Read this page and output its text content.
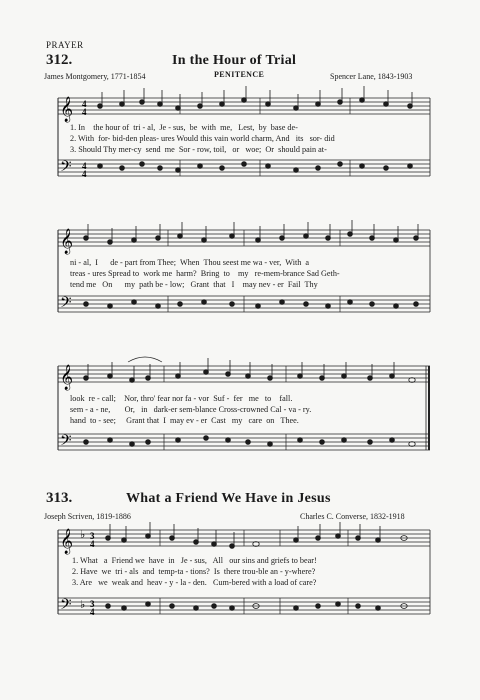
PRAYER
312.	In the Hour of Trial
James Montgomery, 1771-1854	PENITENCE	Spencer Lane, 1843-1903
𝄞
𝄢
4
4
4
4
𝄞
𝄢
𝄞
𝄢
𝄞 ♭
𝄢 ♭
3
4
3
4
1. In    the hour of  tri - al,  Je - sus,  be  with  me,   Lest,  by  base de-
2. With  for- bid-den pleas- ures Would this vain world charm, And   its   sor- did
3. Should Thy mer-cy  send  me  Sor - row, toil,   or   woe;  Or  should pain at-
ni - al,  I      de - part from Thee;  When  Thou seest me wa - ver,  With  a
treas - ures Spread to  work me  harm?  Bring  to    my   re-mem-brance Sad Geth-
tend me   On      my  path be - low;   Grant  that   I    may nev - er  Fail  Thy
look  re - call;    Nor, thro' fear nor fa - vor  Suf -  fer   me   to    fall.
sem - a - ne,       Or,   in   dark-er sem-blance Cross-crowned Cal - va - ry.
hand  to - see;     Grant that  I  may ev - er  Cast   my   care  on   Thee.
313.	What a Friend We Have in Jesus
Joseph Scriven, 1819-1886	Charles C. Converse, 1832-1918
1. What   a  Friend we  have  in   Je - sus,   All   our sins and griefs to bear!
2. Have  we  tri - als  and  temp-ta - tions?  Is  there trou-ble an - y-where?
3. Are   we  weak and  heav - y - la - den.   Cum-bered with a load of care?
